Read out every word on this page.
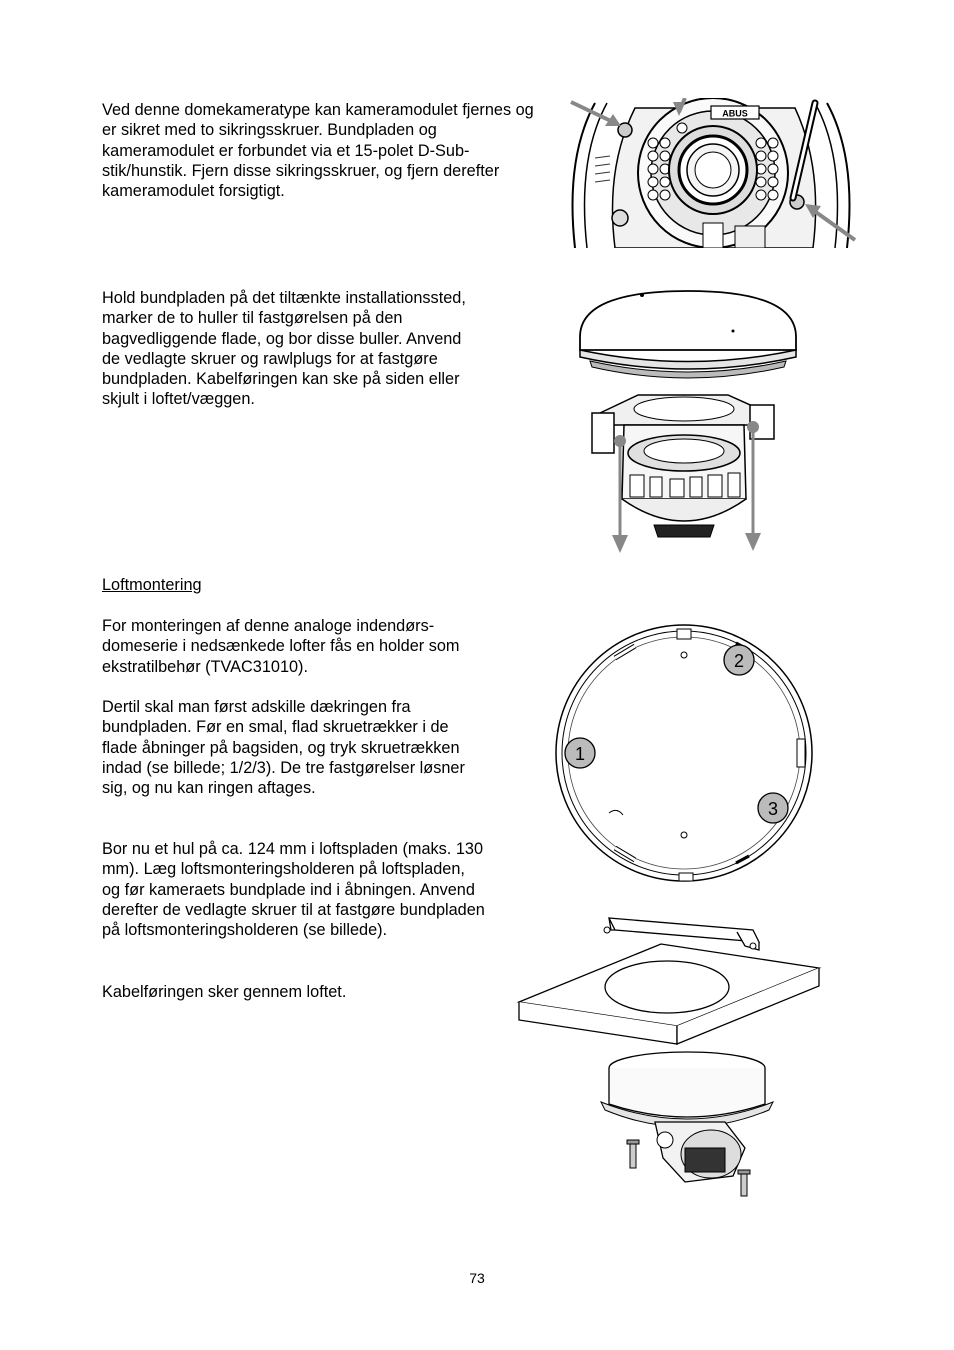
Ved denne domekameratype kan kameramodulet fjernes og er sikret med to sikringsskruer. Bundpladen og kameramodulet er forbundet via et 15-polet D-Sub-stik/hunstik. Fjern disse sikringsskruer, og fjern derefter kameramodulet forsigtigt.

ABUS

Hold bundpladen på det tiltænkte installationssted, marker de to huller til fastgørelsen på den bagvedliggende flade, og bor disse buller. Anvend de vedlagte skruer og rawlplugs for at fastgøre bundpladen. Kabelføringen kan ske på siden eller skjult i loftet/væggen.

Loftmontering

For monteringen af denne analoge indendørs-domeserie i nedsænkede lofter fås en holder som ekstratilbehør (TVAC31010).

Dertil skal man først adskille dækringen fra bundpladen. Før en smal, flad skruetrækker i de flade åbninger på bagsiden, og tryk skruetrækken indad (se billede; 1/2/3). De tre fastgørelser løsner sig, og nu kan ringen aftages.

Bor nu et hul på ca. 124 mm i loftspladen (maks. 130 mm). Læg loftsmonteringsholderen på loftspladen, og før kameraets bundplade ind i åbningen. Anvend derefter de vedlagte skruer til at fastgøre bundpladen på loftsmonteringsholderen (se billede).

Kabelføringen sker gennem loftet.

1
2
3
73
